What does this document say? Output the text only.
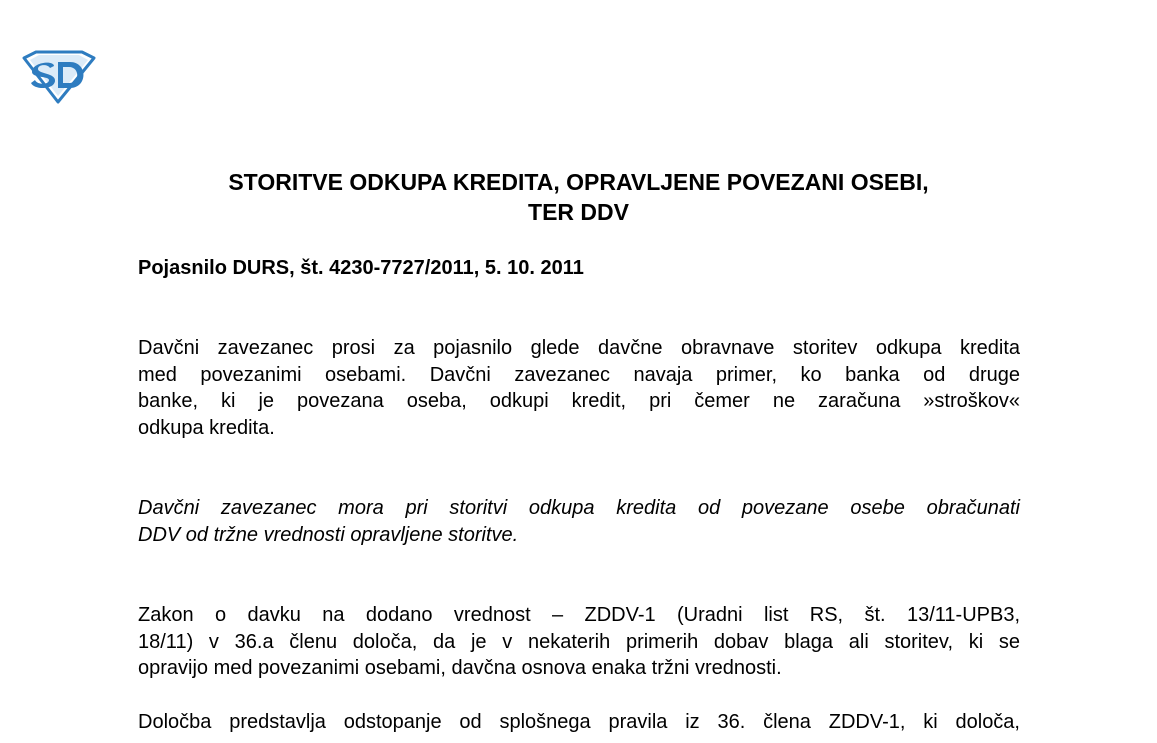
STORITVE ODKUPA KREDITA, OPRAVLJENE POVEZANI OSEBI,
TER DDV

Pojasnilo DURS, št. 4230-7727/2011, 5. 10. 2011

Davčni zavezanec prosi za pojasnilo glede davčne obravnave storitev odkupa kredita
med povezanimi osebami. Davčni zavezanec navaja primer, ko banka od druge
banke, ki je povezana oseba, odkupi kredit, pri čemer ne zaračuna »stroškov«
odkupa kredita.
Davčni zavezanec mora pri storitvi odkupa kredita od povezane osebe obračunati
DDV od tržne vrednosti opravljene storitve.
Zakon o davku na dodano vrednost – ZDDV-1 (Uradni list RS, št. 13/11-UPB3,
18/11) v 36.a členu določa, da je v nekaterih primerih dobav blaga ali storitev, ki se
opravijo med povezanimi osebami, davčna osnova enaka tržni vrednosti.
Določba predstavlja odstopanje od splošnega pravila iz 36. člena ZDDV-1, ki določa,
